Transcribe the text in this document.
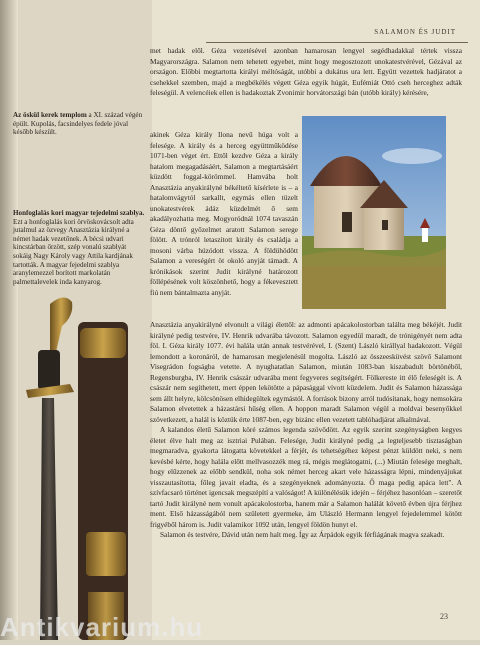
SALAMON ÉS JUDIT
Az öskül kerek templom a XI. század végén épült. Kupolás, facsindelyes fedele jóval később készült.
Honfoglalás kori magyar tejedelmi szablya. Ezt a honfoglalás kori örvöskovácsolt adta jutalmul az özvegy Anasztázia királyné a német hadak vezetőnek. A bécsi udvari kincstárban őrzött, szép vonalú szablyát sokáig Nagy Károly vagy Attila kardjának tartották. A magyar fejedelmi szablya aranylemezzel borított markolatán palmettalevelek inda kanyarog.

met hadak elől. Géza vezetésével azonban hamarosan lengyel segédhadakkal tértek vissza Magyarországra. Salamon nem tehetett egyebet, mint hogy megosztozott unokatestvérével, Gézával az országon. Előbbi megtartotta királyi méltóságát, utóbbi a dukátus ura lett. Együtt vezettek hadjáratot a csehekkel szemben, majd a megbékélés végett Géza egyik húgát, Eufémiát Ottó cseh herceghez adták feleségül. A velencéiek ellen is hadakoztak Zvonimir horvátországi bán (utóbb király) kérésére,

akinek Géza király Ilona nevű húga volt a felesége. A király és a herceg együttműködése 1071-ben véget ért. Ettől kezdve Géza a király hatalom megagadásáért, Salamon a megtartásáért küzdött foggal-körömmel. Hamvába holt Anasztázia anyakirályné békéltető kísérlete is – a hatalomvágytól sarkallt, egymás ellen tüzelt unokatestvérek ádáz küzdelmét ő sem akadályozhatta meg. Mogyoródnál 1074 tavaszán Géza döntő győzelmet aratott Salamon serege fölött. A trónról letaszított király és családja a mosoni várba húzódott vissza. A földühödött Salamon a vereségért öt okoló anyját támadt. A krónikások szerint Judit királyné határozott föllépésének volt köszönhető, hogy a fékevesztett fiú nem bántalmazta anyját.

Anasztázia anyakirályné elvonult a világi élettől: az admonti apácakolostorban találta meg békéjét. Judit királyné pedig testvére, IV. Henrik udvarába távozott. Salamon egyedül maradt, de trónigényét nem adta föl. I. Géza király 1077. évi halála után annak testvérével, I. (Szent) László királlyal hadakozott. Végül lemondott a koronáról, de hamarosan megjelenésül mogolta. László az összeesküvést szövő Salamont Visegrádon fogságba vetette. A nyughatatlan Salamon, miután 1083-ban kiszabadult börtönéből, Regensburgba, IV. Henrik császár udvarába ment fegyveres segítségért. Fölkereste itt élő feleségét is. A császár nem segíthetett, mert éppen lekötötte a pápasággal vívott küzdelem. Judit és Salamon házassága sem állt helyre, kölcsönösen elhidegültek egymástól. A források bizony arról tudósítanak, hogy nemsokára Salamon elvetettek a házastársi hűség ellen. A hoppon maradt Salamon végül a moldvai besenyőkkel szövetkezett, a halál is köztük érte 1087-ben, egy bizánc ellen vezetett tablóhadjárat alkalmával.

A kalandos életű Salamon köré számos legenda szövődött. Az egyik szerint szegényságben kegyes életet élve halt meg az isztriai Pulában. Felesége, Judit királyné pedig „a legteljesebb tisztaságban megmaradva, gyakorta látogatta követekkel a férjét, és tehetségéhez képest pénzt küldött neki, s nem kevésbé kérte, hogy halála előtt mellvasozzék meg rá, mégis meglátogatni, (...) Miután felesége meghalt, hogy elűzzenek az előbb sendkül, noha sok német herceg akart vele házasságra lépni, mindenyájukat visszautasította, főleg javait eladta, és a szegényeknek adományozta. Ő maga pedig apáca lett". A szívfacsaró történet igencsak megszépítí a valóságot! A különélésük idején – férjéhez hasonlóan – szeretőt tartó Judit királyné nem vonult apácakolostorba, hanem már a Salamon halálát követő évben újra férjhez ment. Első házasságából nem született gyermeke, ám Ulászló Hermann lengyel fejedelemmel kötött frigyéből három is. Judit valamikor 1092 után, lengyel földön hunyt el.

Salamon és testvére, Dávid után nem halt meg. Így az Árpádok egyik férfiágának magva szakadt.

23
Antikvarium.hu
